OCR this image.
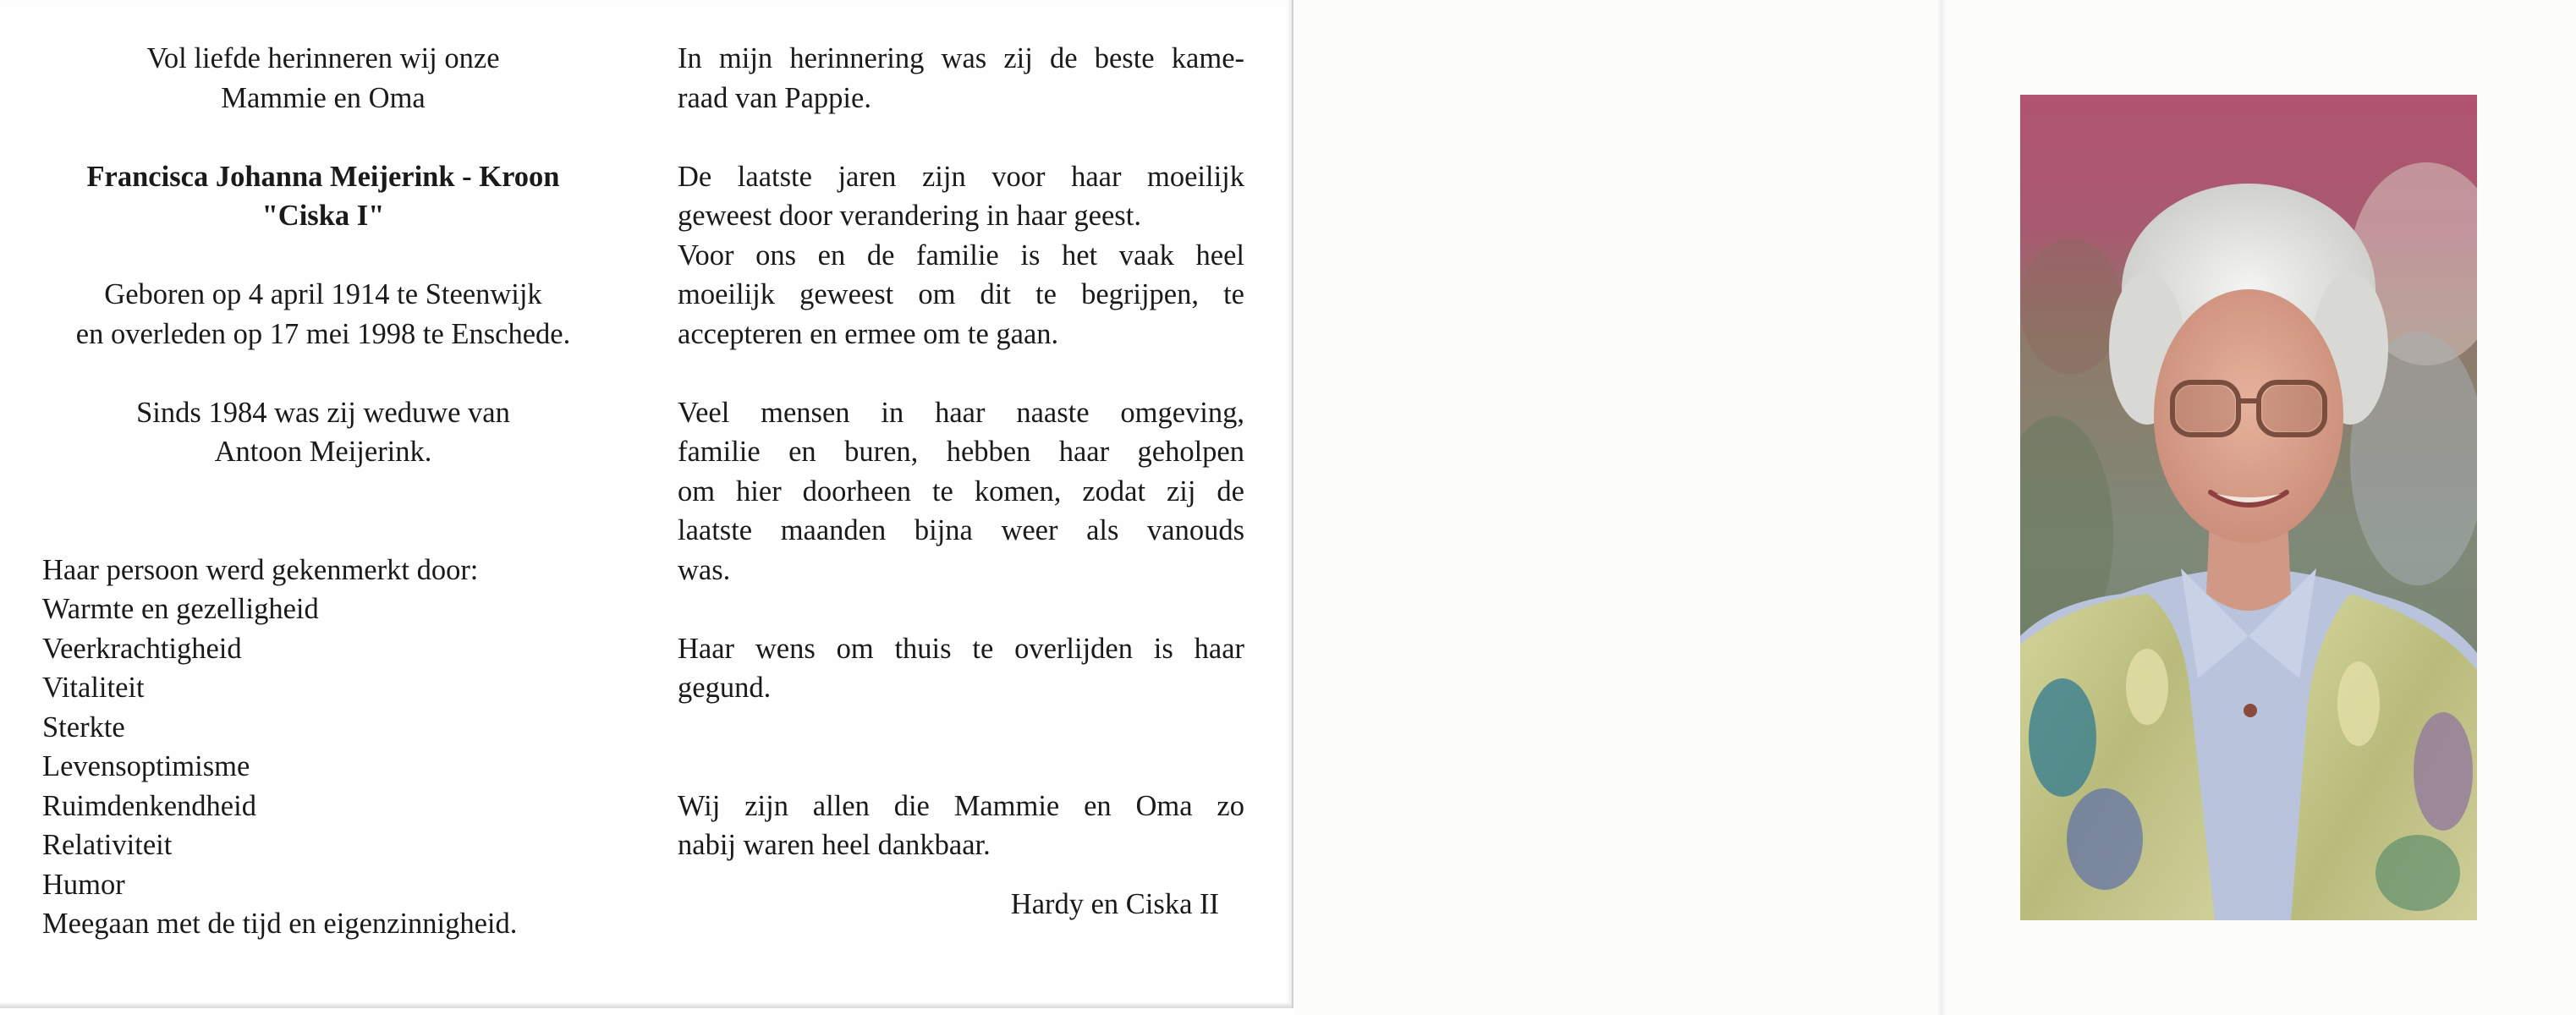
Vol liefde herinneren wij onze
Mammie en Oma
Francisca Johanna Meijerink - Kroon
"Ciska I"
Geboren op 4 april 1914 te Steenwijk
en overleden op 17 mei 1998 te Enschede.
Sinds 1984 was zij weduwe van
Antoon Meijerink.
Haar persoon werd gekenmerkt door:
Warmte en gezelligheid
Veerkrachtigheid
Vitaliteit
Sterkte
Levensoptimisme
Ruimdenkendheid
Relativiteit
Humor
Meegaan met de tijd en eigenzinnigheid.
In mijn herinnering was zij de beste kame-
raad van Pappie.
De laatste jaren zijn voor haar moeilijk
geweest door verandering in haar geest.
Voor ons en de familie is het vaak heel
moeilijk geweest om dit te begrijpen, te
accepteren en ermee om te gaan.
Veel mensen in haar naaste omgeving,
familie en buren, hebben haar geholpen
om hier doorheen te komen, zodat zij de
laatste maanden bijna weer als vanouds
was.
Haar wens om thuis te overlijden is haar
gegund.
Wij zijn allen die Mammie en Oma zo
nabij waren heel dankbaar.
Hardy en Ciska II
